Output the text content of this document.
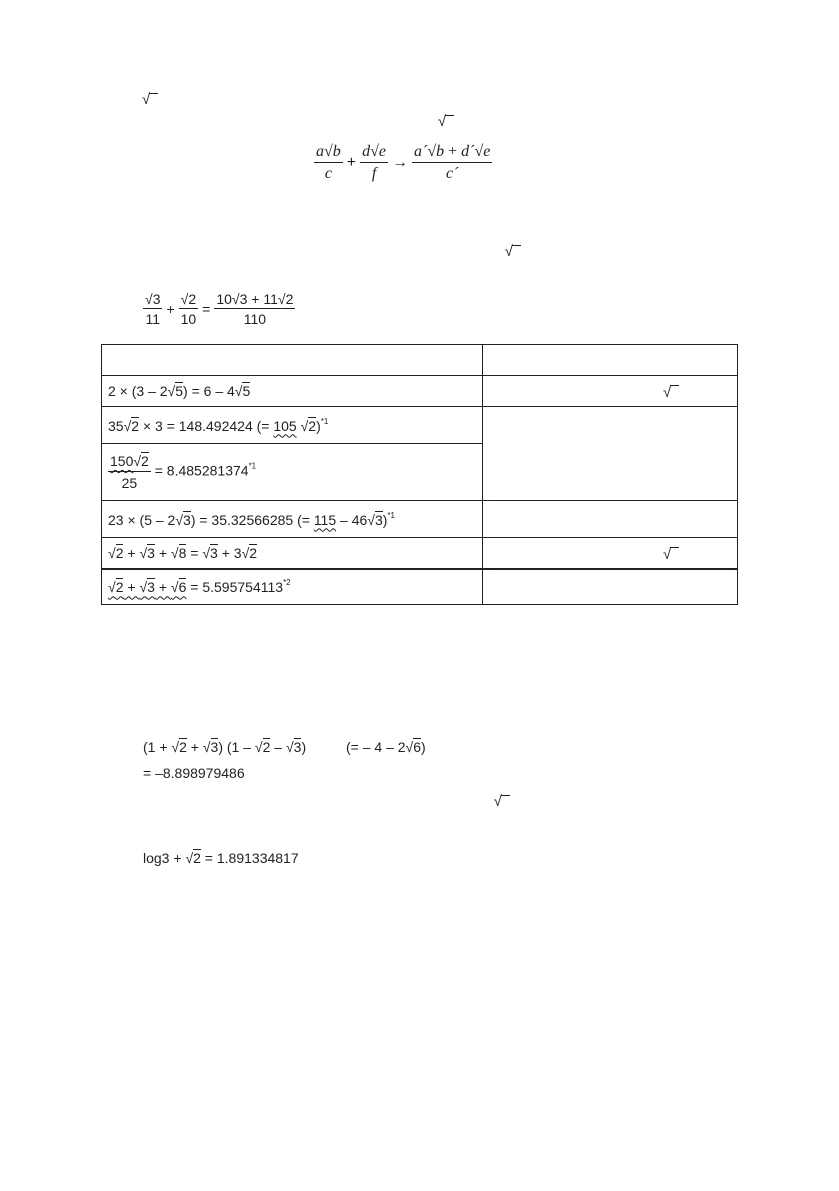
√

√

√

√
$\frac{a√b}{c} + \frac{d√e}{f} \to \frac{a´√b + d´√e}{c´}$
$\frac{√3}{11} + \frac{√2}{10} = \frac{10√3 + 11√2}{110}$

2 × (3 – 2√5) = 6 – 4√5	√

35√2 × 3 = 148.492424 (= 105 √2)$^{*1}$	

$\frac{150√2}{25} = 8.485281374^{*1}$
23 × (5 – 2√3) = 35.32566285 (= 115 – 46√3)$^{*1}$	
√2 + √3 + √8 = √3 + 3√2	√

√2 + √3 + √6 = 5.595754113$^{*2}$	
(1 + √2 + √3) (1 – √2 – √3)	(= – 4 – 2√6)
= –8.898979486
log3 + √2 = 1.891334817
